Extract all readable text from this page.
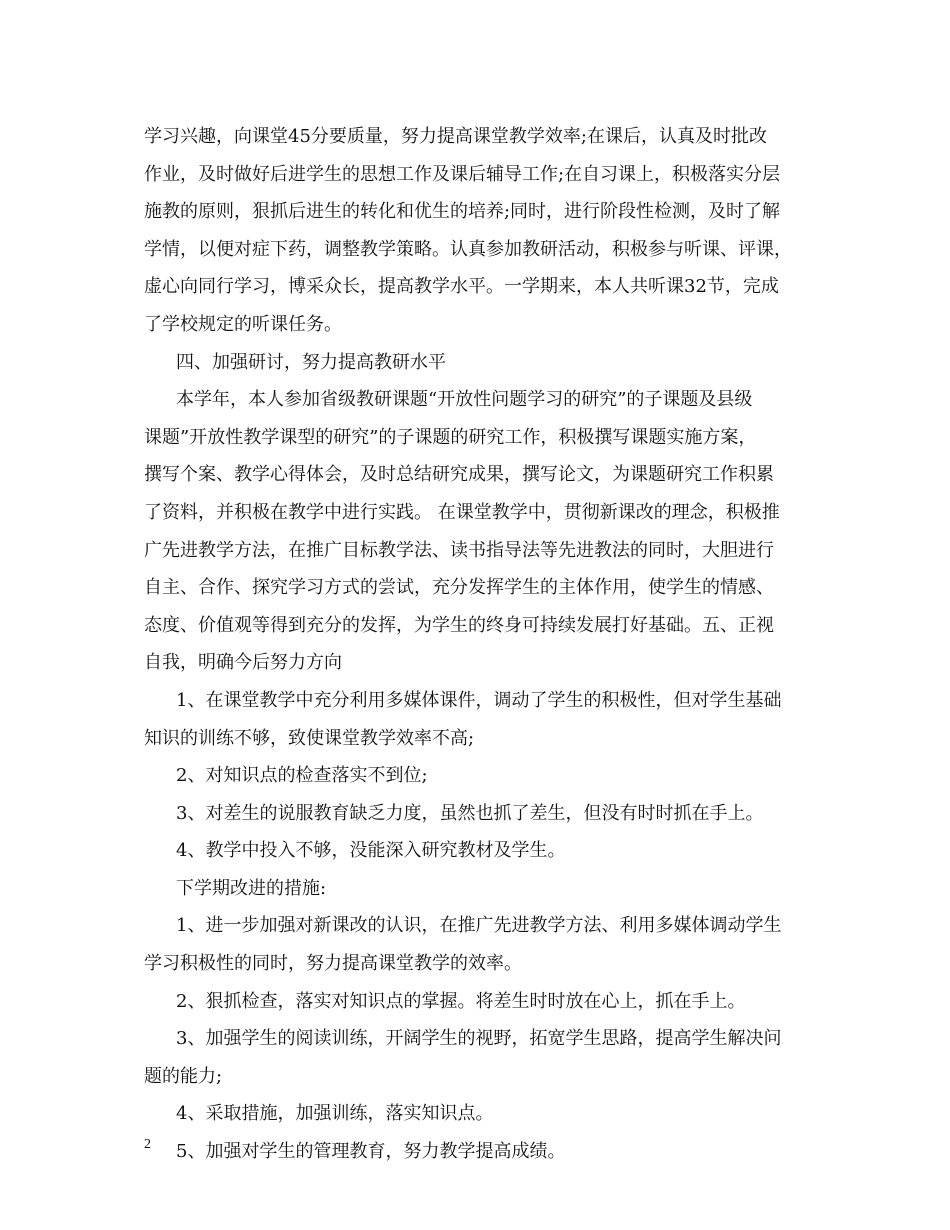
学习兴趣，向课堂45分要质量，努力提高课堂教学效率;在课后，认真及时批改
作业，及时做好后进学生的思想工作及课后辅导工作;在自习课上，积极落实分层
施教的原则，狠抓后进生的转化和优生的培养;同时，进行阶段性检测，及时了解
学情，以便对症下药，调整教学策略。认真参加教研活动，积极参与听课、评课，
虚心向同行学习，博采众长，提高教学水平。一学期来，本人共听课32节，完成
了学校规定的听课任务。
四、加强研讨，努力提高教研水平
本学年，本人参加省级教研课题“开放性问题学习的研究”的子课题及县级
课题”开放性教学课型的研究”的子课题的研究工作，积极撰写课题实施方案，
撰写个案、教学心得体会，及时总结研究成果，撰写论文，为课题研究工作积累
了资料，并积极在教学中进行实践。 在课堂教学中，贯彻新课改的理念，积极推
广先进教学方法，在推广目标教学法、读书指导法等先进教法的同时，大胆进行
自主、合作、探究学习方式的尝试，充分发挥学生的主体作用，使学生的情感、
态度、价值观等得到充分的发挥，为学生的终身可持续发展打好基础。五、正视
自我，明确今后努力方向
1、在课堂教学中充分利用多媒体课件，调动了学生的积极性，但对学生基础
知识的训练不够，致使课堂教学效率不高;
2、对知识点的检查落实不到位;
3、对差生的说服教育缺乏力度，虽然也抓了差生，但没有时时抓在手上。
4、教学中投入不够，没能深入研究教材及学生。
下学期改进的措施:
1、进一步加强对新课改的认识，在推广先进教学方法、利用多媒体调动学生
学习积极性的同时，努力提高课堂教学的效率。
2、狠抓检查，落实对知识点的掌握。将差生时时放在心上，抓在手上。
3、加强学生的阅读训练，开阔学生的视野，拓宽学生思路，提高学生解决问
题的能力;
4、采取措施，加强训练，落实知识点。
5、加强对学生的管理教育，努力教学提高成绩。
2
